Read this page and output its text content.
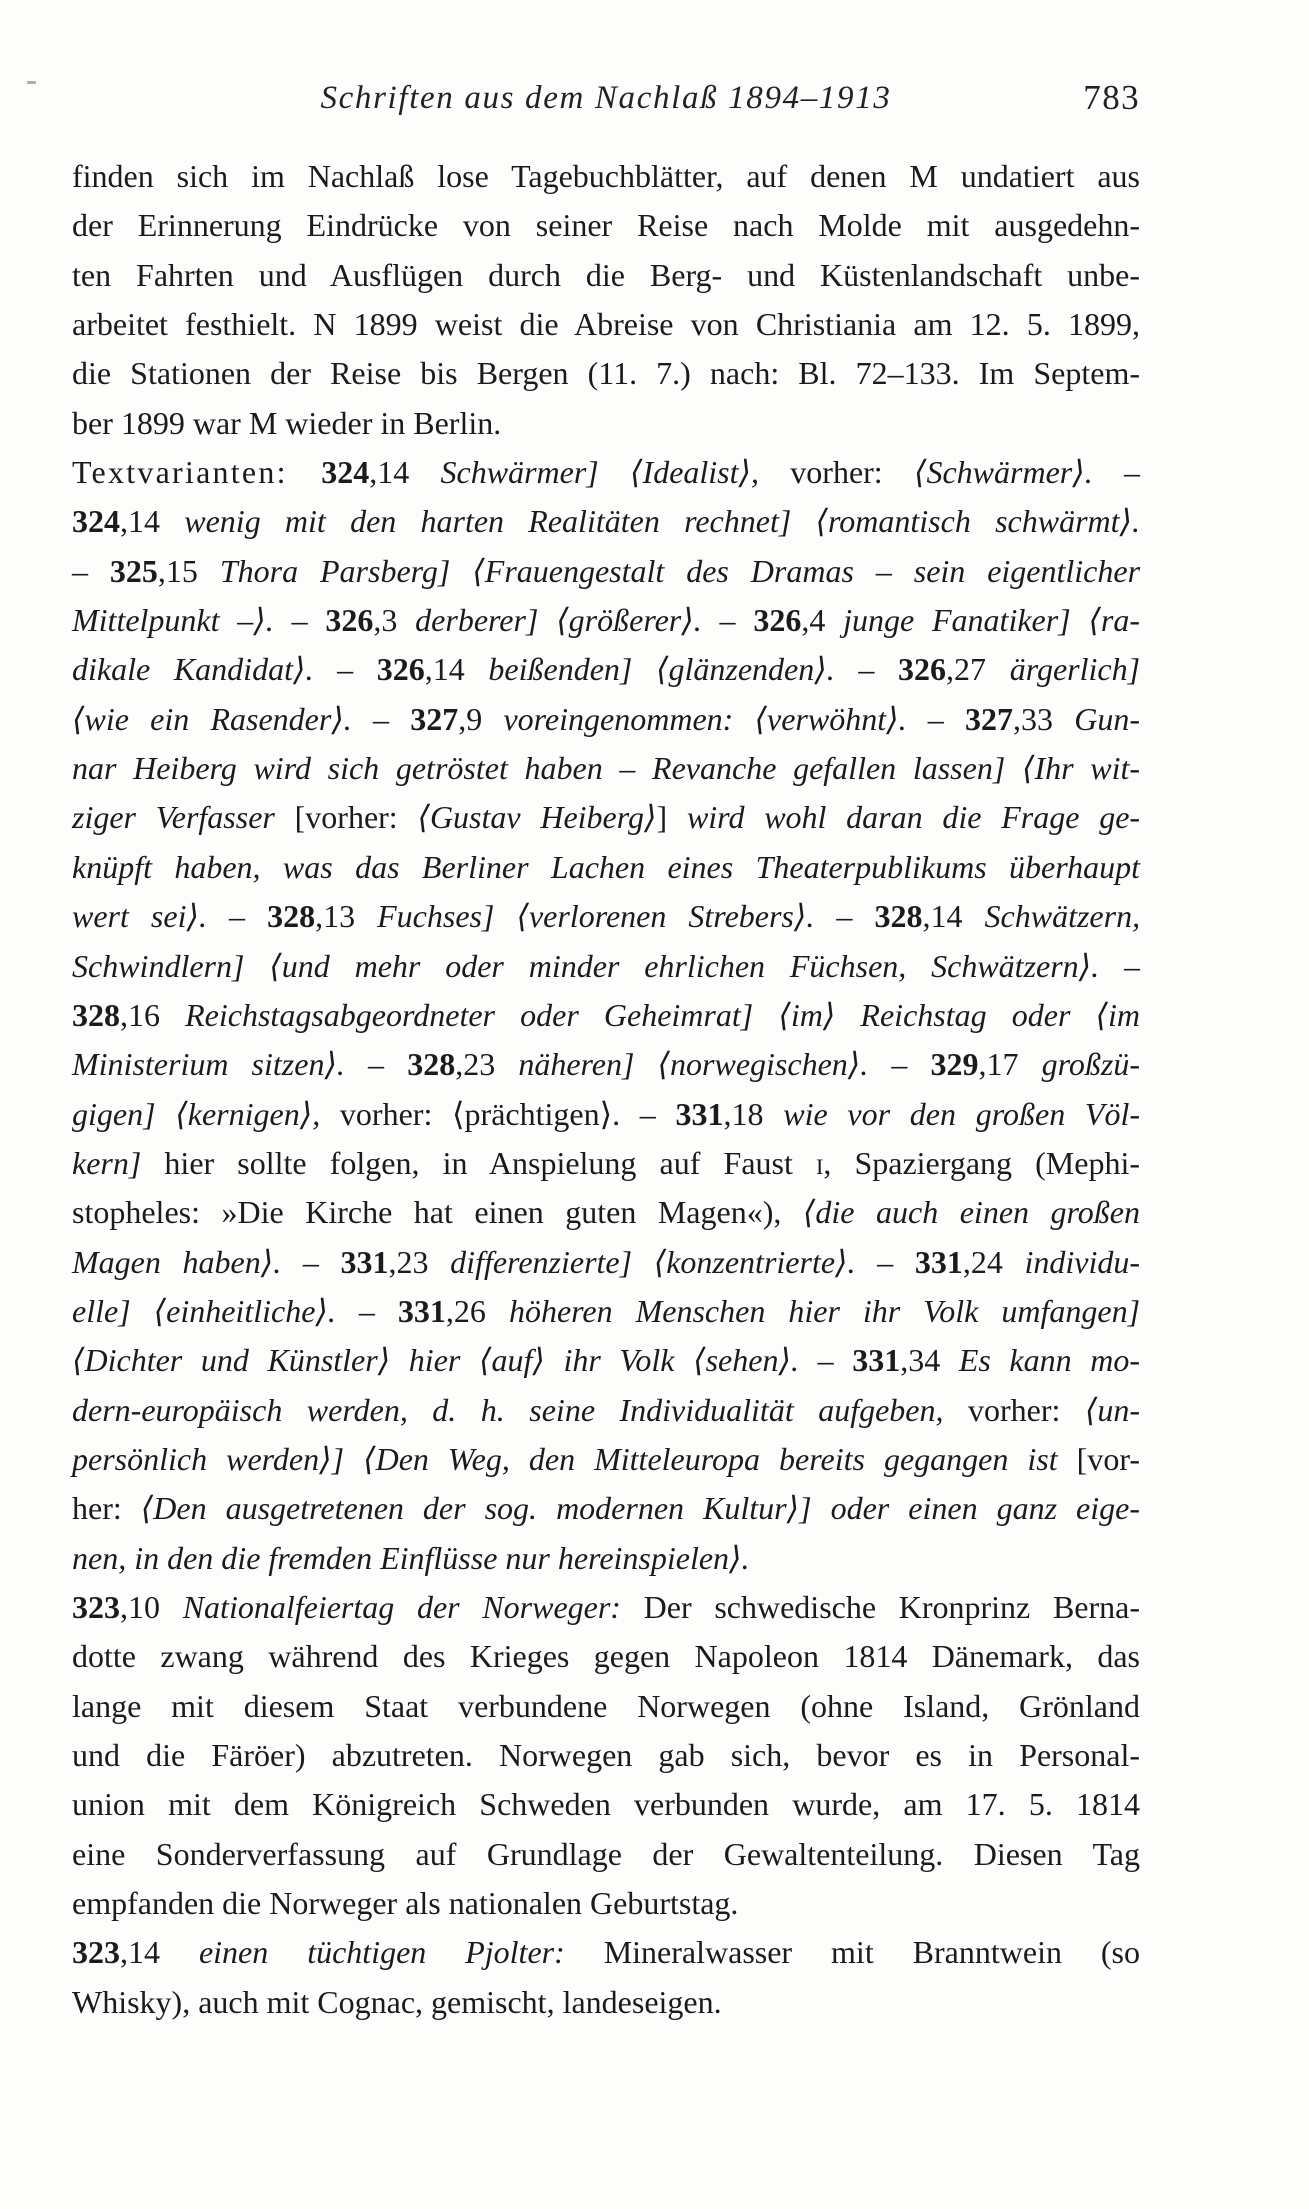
Schriften aus dem Nachlaß 1894–1913	783
finden sich im Nachlaß lose Tagebuchblätter, auf denen M undatiert aus
der Erinnerung Eindrücke von seiner Reise nach Molde mit ausgedehn-
ten Fahrten und Ausflügen durch die Berg- und Küstenlandschaft unbe-
arbeitet festhielt. N 1899 weist die Abreise von Christiania am 12. 5. 1899,
die Stationen der Reise bis Bergen (11. 7.) nach: Bl. 72–133. Im Septem-
ber 1899 war M wieder in Berlin.
Textvarianten: 324,14 Schwärmer] ⟨Idealist⟩, vorher: ⟨Schwärmer⟩. –
324,14 wenig mit den harten Realitäten rechnet] ⟨romantisch schwärmt⟩.
– 325,15 Thora Parsberg] ⟨Frauengestalt des Dramas – sein eigentlicher
Mittelpunkt –⟩. – 326,3 derberer] ⟨größerer⟩. – 326,4 junge Fanatiker] ⟨ra-
dikale Kandidat⟩. – 326,14 beißenden] ⟨glänzenden⟩. – 326,27 ärgerlich]
⟨wie ein Rasender⟩. – 327,9 voreingenommen: ⟨verwöhnt⟩. – 327,33 Gun-
nar Heiberg wird sich getröstet haben – Revanche gefallen lassen] ⟨Ihr wit-
ziger Verfasser [vorher: ⟨Gustav Heiberg⟩] wird wohl daran die Frage ge-
knüpft haben, was das Berliner Lachen eines Theaterpublikums überhaupt
wert sei⟩. – 328,13 Fuchses] ⟨verlorenen Strebers⟩. – 328,14 Schwätzern,
Schwindlern] ⟨und mehr oder minder ehrlichen Füchsen, Schwätzern⟩. –
328,16 Reichstagsabgeordneter oder Geheimrat] ⟨im⟩ Reichstag oder ⟨im
Ministerium sitzen⟩. – 328,23 näheren] ⟨norwegischen⟩. – 329,17 großzü-
gigen] ⟨kernigen⟩, vorher: ⟨prächtigen⟩. – 331,18 wie vor den großen Völ-
kern] hier sollte folgen, in Anspielung auf Faust i, Spaziergang (Mephi-
stopheles: »Die Kirche hat einen guten Magen«), ⟨die auch einen großen
Magen haben⟩. – 331,23 differenzierte] ⟨konzentrierte⟩. – 331,24 individu-
elle] ⟨einheitliche⟩. – 331,26 höheren Menschen hier ihr Volk umfangen]
⟨Dichter und Künstler⟩ hier ⟨auf⟩ ihr Volk ⟨sehen⟩. – 331,34 Es kann mo-
dern-europäisch werden, d. h. seine Individualität aufgeben, vorher: ⟨un-
persönlich werden⟩] ⟨Den Weg, den Mitteleuropa bereits gegangen ist [vor-
her: ⟨Den ausgetretenen der sog. modernen Kultur⟩] oder einen ganz eige-
nen, in den die fremden Einflüsse nur hereinspielen⟩.
323,10 Nationalfeiertag der Norweger: Der schwedische Kronprinz Berna-
dotte zwang während des Krieges gegen Napoleon 1814 Dänemark, das
lange mit diesem Staat verbundene Norwegen (ohne Island, Grönland
und die Färöer) abzutreten. Norwegen gab sich, bevor es in Personal-
union mit dem Königreich Schweden verbunden wurde, am 17. 5. 1814
eine Sonderverfassung auf Grundlage der Gewaltenteilung. Diesen Tag
empfanden die Norweger als nationalen Geburtstag.
323,14 einen tüchtigen Pjolter: Mineralwasser mit Branntwein (so
Whisky), auch mit Cognac, gemischt, landeseigen.
